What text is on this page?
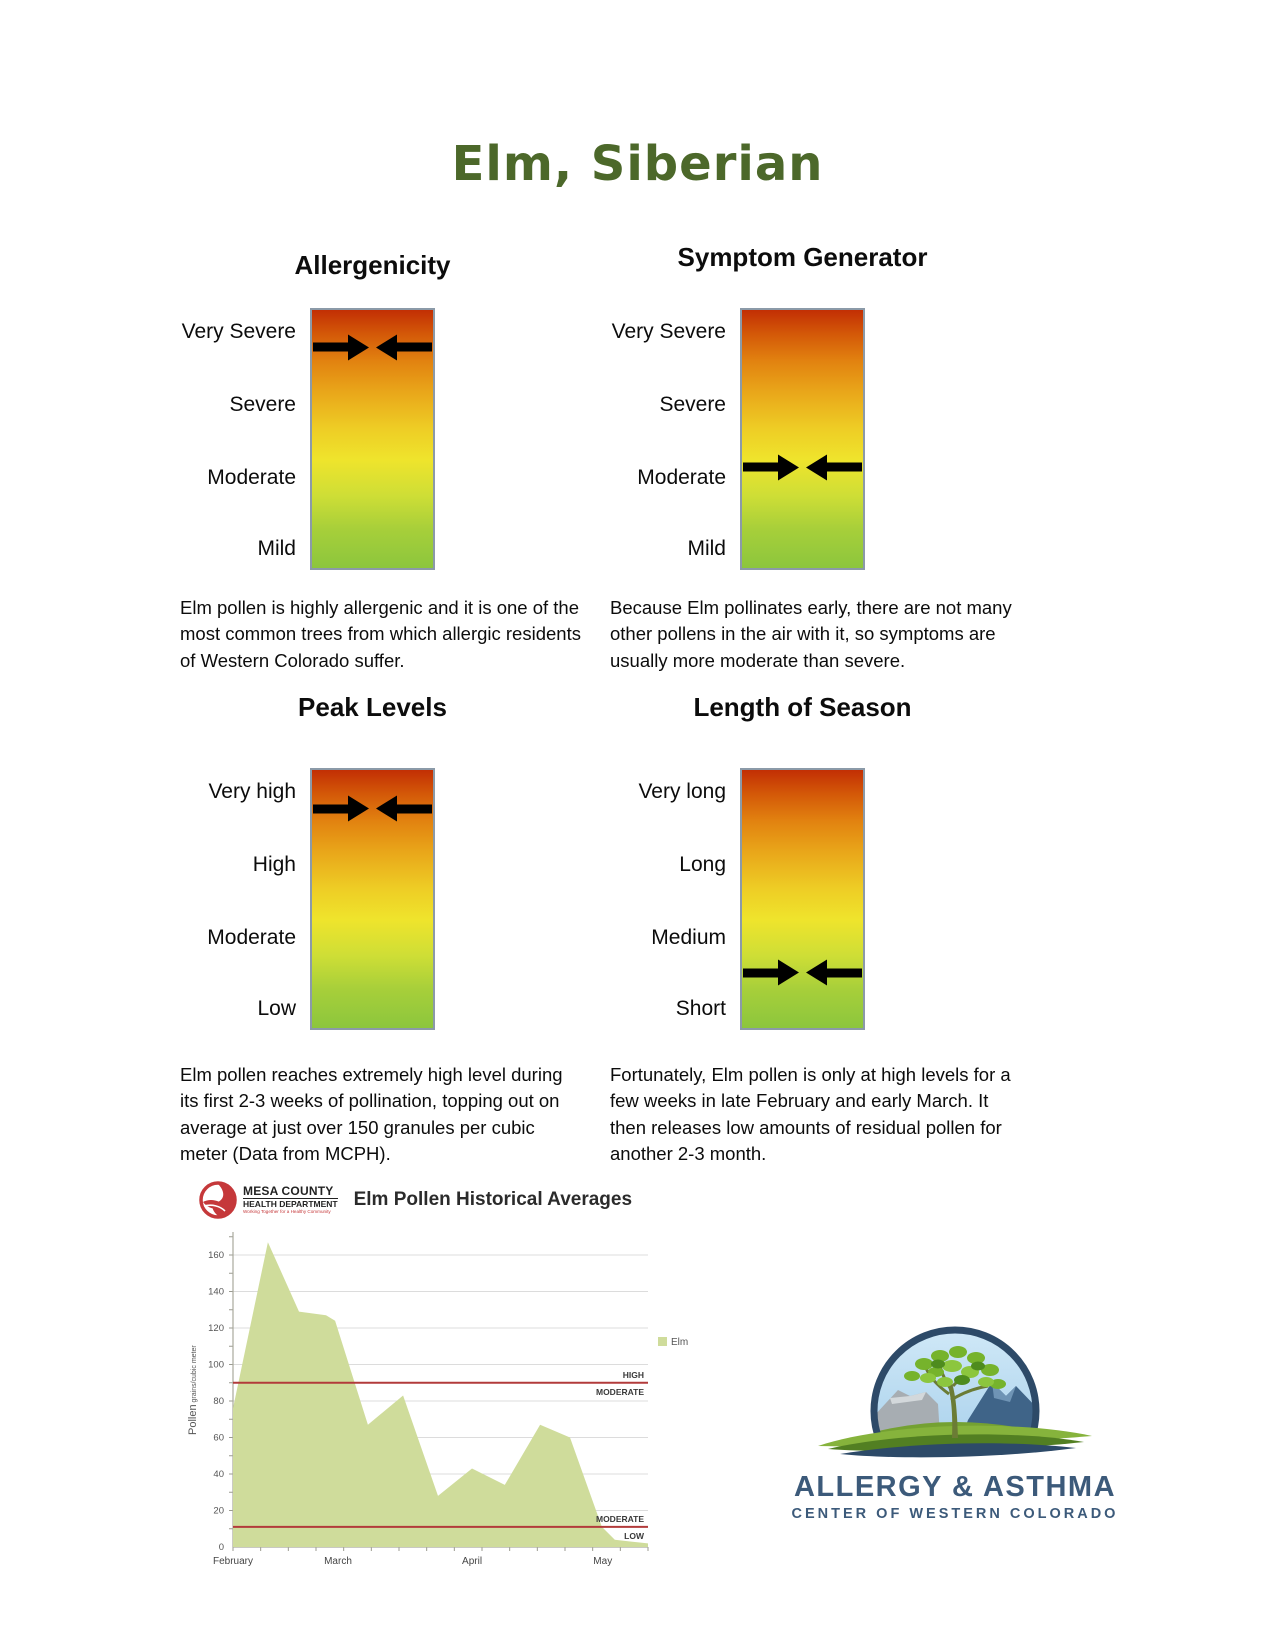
Elm, Siberian
Allergenicity
Very Severe
Severe
Moderate
Mild

Elm pollen is highly allergenic and it is one of the most common trees from which allergic residents of Western Colorado suffer.

Symptom Generator
Very Severe
Severe
Moderate
Mild

Because Elm pollinates early, there are not many other pollens in the air with it, so symptoms are usually more moderate than severe.

Peak Levels
Very high
High
Moderate
Low

Elm pollen reaches extremely high level during its first 2-3 weeks of pollination, topping out on average at just over 150 granules per cubic meter (Data from MCPH).

Length of Season
Very long
Long
Medium
Short

Fortunately, Elm pollen is only at high levels for a few weeks in late February and early March. It then releases low amounts of residual pollen for another 2-3 month.

MESA COUNTY
HEALTH DEPARTMENT
Working Together for a Healthy Community
Elm Pollen Historical Averages
HIGH
MODERATE
MODERATE
LOW
0
20
40
60
80
100
120
140
160
February	March	April	May
Elm
Pollen grains/cubic meter
ALLERGY & ASTHMA
CENTER OF WESTERN COLORADO
